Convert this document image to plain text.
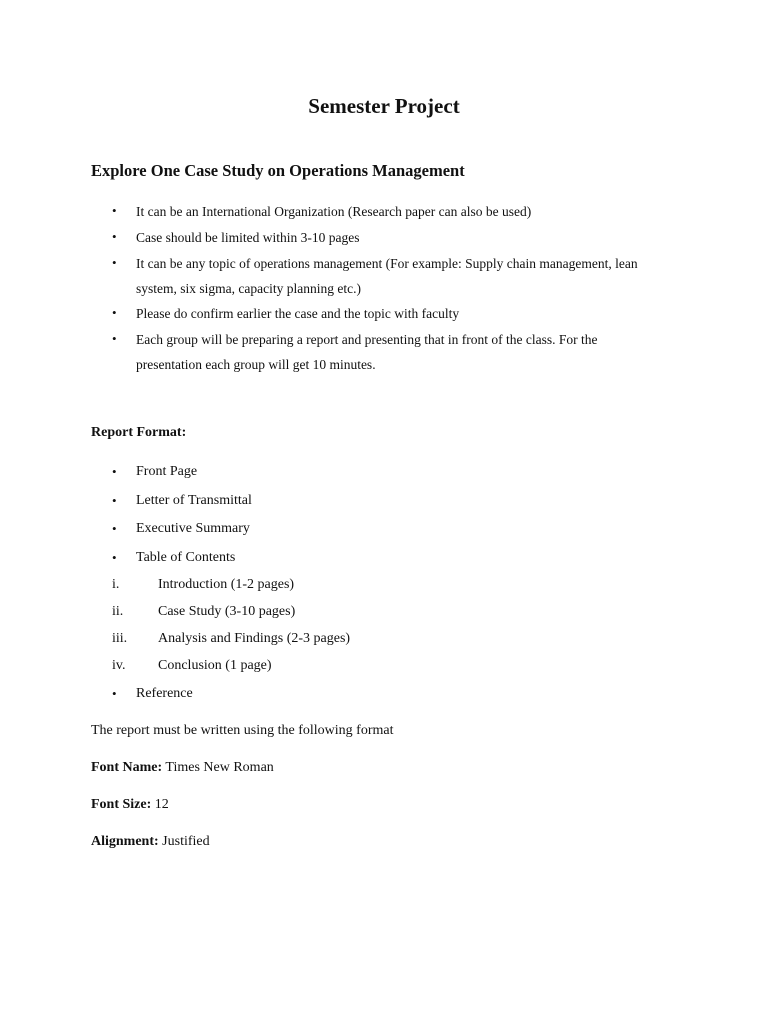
Semester Project
Explore One Case Study on Operations Management
• It can be an International Organization (Research paper can also be used)
• Case should be limited within 3-10 pages
• It can be any topic of operations management (For example: Supply chain management, lean system, six sigma, capacity planning etc.)
• Please do confirm earlier the case and the topic with faculty
• Each group will be preparing a report and presenting that in front of the class. For the presentation each group will get 10 minutes.
Report Format:
• Front Page
• Letter of Transmittal
• Executive Summary
• Table of Contents
i.	Introduction (1-2 pages)
ii. Case Study (3-10 pages)
iii. Analysis and Findings (2-3 pages)
iv. Conclusion (1 page)
• Reference

The report must be written using the following format

Font Name: Times New Roman

Font Size: 12

Alignment: Justified
